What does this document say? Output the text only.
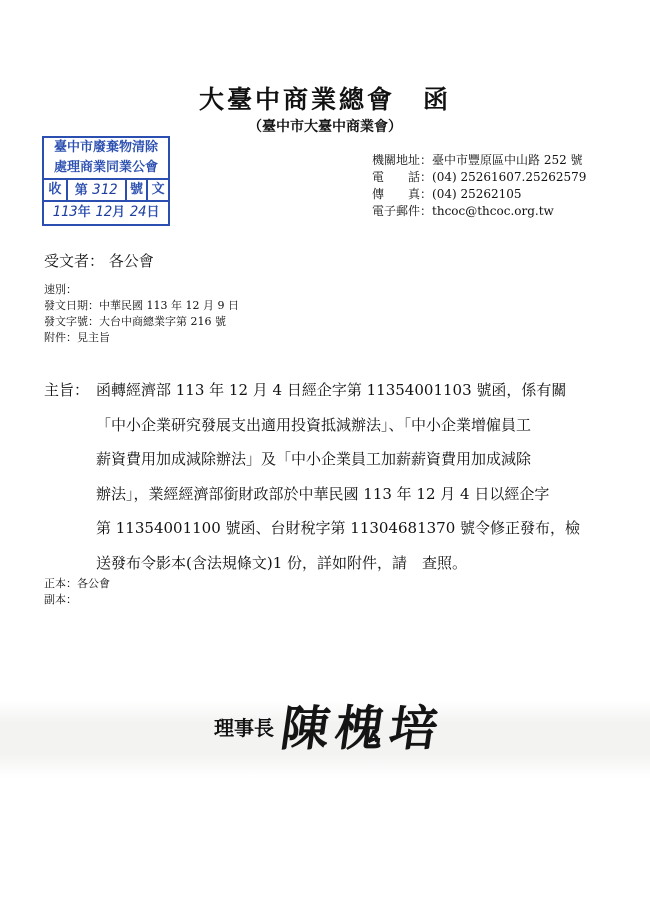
大臺中商業總會　函
（臺中市大臺中商業會）
臺中市廢棄物清除
處理商業同業公會
收	第 312 號 文
113年 12月 24日
機關地址：臺中市豐原區中山路 252 號
電　　話：(04) 25261607.25262579
傳　　真：(04) 25262105
電子郵件：thcoc@thcoc.org.tw
受文者： 各公會
速別：
發文日期：中華民國 113 年 12 月 9 日
發文字號：大台中商總業字第 216 號
附件：見主旨
主旨： 函轉經濟部 113 年 12 月 4 日經企字第 11354001103 號函，係有關
「中小企業研究發展支出適用投資抵減辦法」、「中小企業增僱員工
薪資費用加成減除辦法」及「中小企業員工加薪薪資費用加成減除
辦法」，業經經濟部銜財政部於中華民國 113 年 12 月 4 日以經企字
第 11354001100 號函、台財稅字第 11304681370 號令修正發布，檢
送發布令影本(含法規條文)1 份，詳如附件，請　查照。
正本：各公會
副本：
理事長 陳槐培
